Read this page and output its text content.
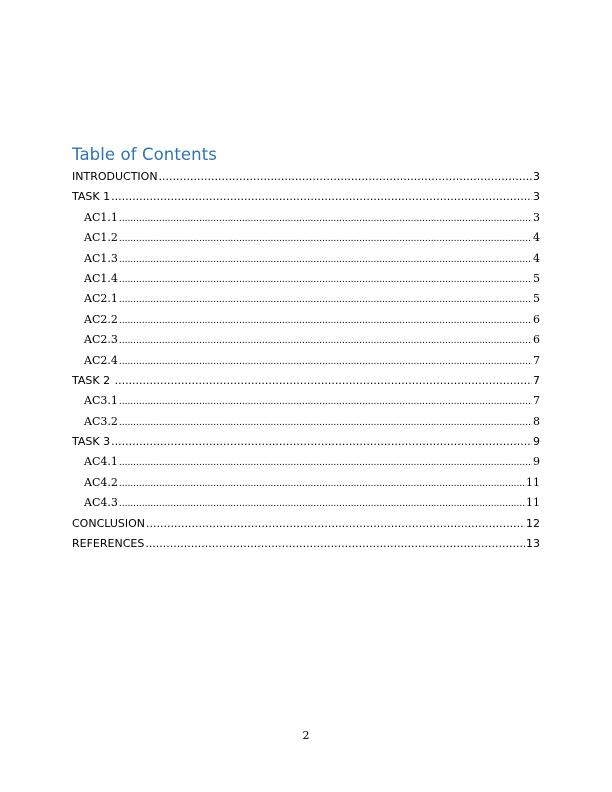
Table of Contents
INTRODUCTION .....	3
TASK 1 .....	3
AC1.1 .....	3
AC1.2 .....	4
AC1.3 .....	4
AC1.4 .....	5
AC2.1 .....	5
AC2.2 .....	6
AC2.3 .....	6
AC2.4 .....	7
TASK 2 .....	7
AC3.1 .....	7
AC3.2 .....	8
TASK 3 .....	9
AC4.1 .....	9
AC4.2 .....	11
AC4.3 .....	11
CONCLUSION .....	12
REFERENCES .....	13
2
